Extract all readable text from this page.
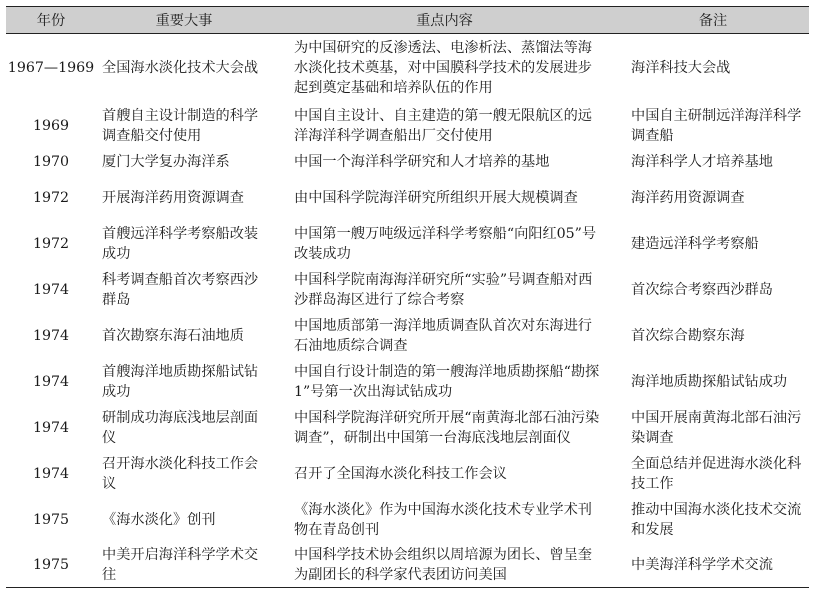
年份	重要大事	重点内容	备注
1967—1969	全国海水淡化技术大会战	为中国研究的反渗透法、电渗析法、蒸馏法等海水淡化技术奠基，对中国膜科学技术的发展进步起到奠定基础和培养队伍的作用	海洋科技大会战
1969	首艘自主设计制造的科学调查船交付使用	中国自主设计、自主建造的第一艘无限航区的远洋海洋科学调查船出厂交付使用	中国自主研制远洋海洋科学调查船
1970	厦门大学复办海洋系	中国一个海洋科学研究和人才培养的基地	海洋科学人才培养基地
1972	开展海洋药用资源调查	由中国科学院海洋研究所组织开展大规模调查	海洋药用资源调查
1972	首艘远洋科学考察船改装成功	中国第一艘万吨级远洋科学考察船“向阳红05”号改装成功	建造远洋科学考察船
1974	科考调查船首次考察西沙群岛	中国科学院南海海洋研究所“实验”号调查船对西沙群岛海区进行了综合考察	首次综合考察西沙群岛
1974	首次勘察东海石油地质	中国地质部第一海洋地质调查队首次对东海进行石油地质综合调查	首次综合勘察东海
1974	首艘海洋地质勘探船试钻成功	中国自行设计制造的第一艘海洋地质勘探船“勘探1”号第一次出海试钻成功	海洋地质勘探船试钻成功
1974	研制成功海底浅地层剖面仪	中国科学院海洋研究所开展“南黄海北部石油污染调查”，研制出中国第一台海底浅地层剖面仪	中国开展南黄海北部石油污染调查
1974	召开海水淡化科技工作会议	召开了全国海水淡化科技工作会议	全面总结并促进海水淡化科技工作
1975	《海水淡化》创刊	《海水淡化》作为中国海水淡化技术专业学术刊物在青岛创刊	推动中国海水淡化技术交流和发展
1975	中美开启海洋科学学术交往	中国科学技术协会组织以周培源为团长、曾呈奎为副团长的科学家代表团访问美国	中美海洋科学学术交流
